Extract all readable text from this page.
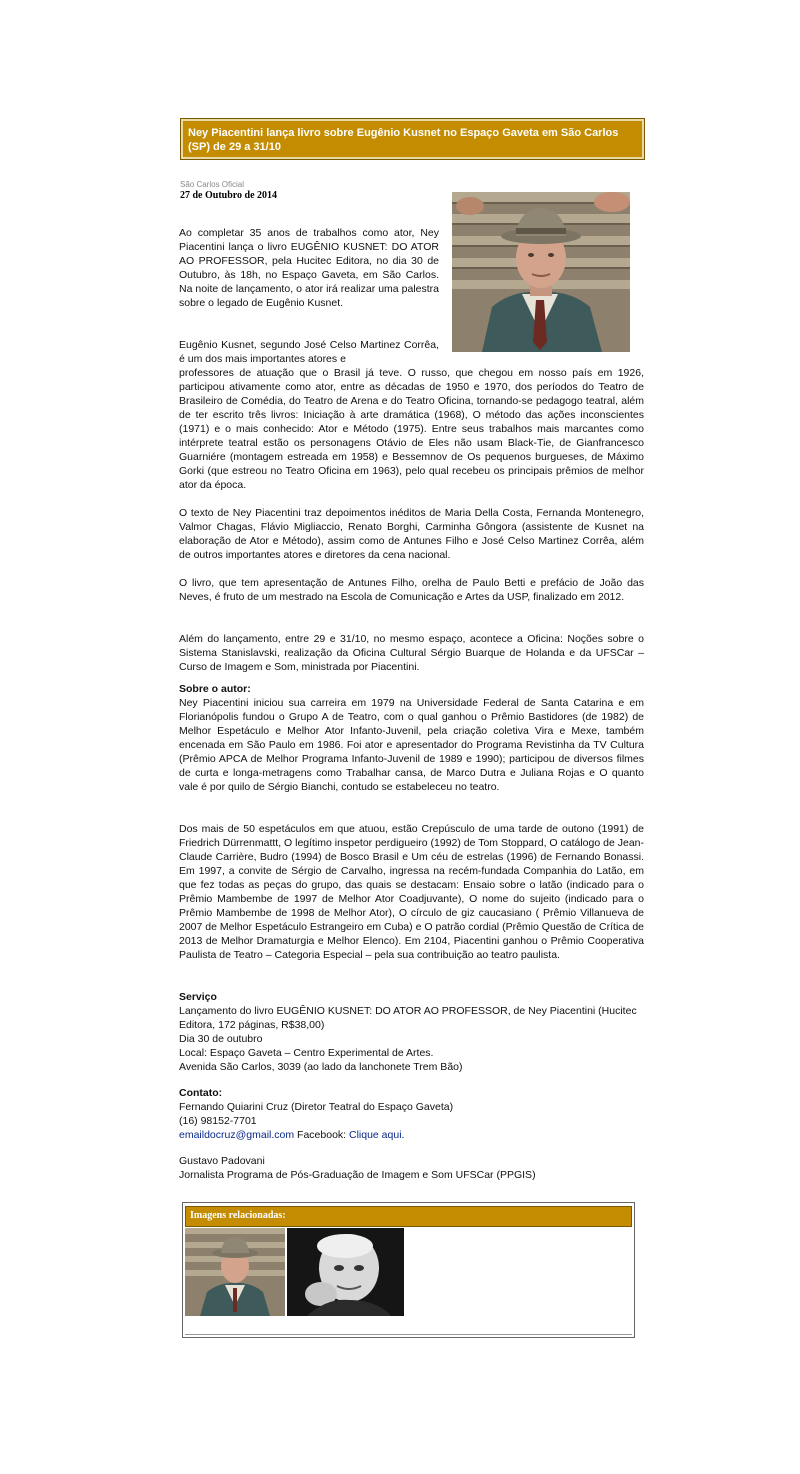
Ney Piacentini lança livro sobre Eugênio Kusnet no Espaço Gaveta em São Carlos (SP) de 29 a 31/10
São Carlos Oficial
27 de Outubro de 2014

Ao completar 35 anos de trabalhos como ator, Ney Piacentini lança o livro EUGÊNIO KUSNET: DO ATOR AO PROFESSOR, pela Hucitec Editora, no dia 30 de Outubro, às 18h, no Espaço Gaveta, em São Carlos. Na noite de lançamento, o ator irá realizar uma palestra sobre o legado de Eugênio Kusnet.

Eugênio Kusnet, segundo José Celso Martinez Corrêa, é um dos mais importantes atores e

professores de atuação que o Brasil já teve. O russo, que chegou em nosso país em 1926, participou ativamente como ator, entre as décadas de 1950 e 1970, dos períodos do Teatro de Brasileiro de Comédia, do Teatro de Arena e do Teatro Oficina, tornando-se pedagogo teatral, além de ter escrito três livros: Iniciação à arte dramática (1968), O método das ações inconscientes (1971) e o mais conhecido: Ator e Método (1975). Entre seus trabalhos mais marcantes como intérprete teatral estão os personagens Otávio de Eles não usam Black-Tie, de Gianfrancesco Guarniére (montagem estreada em 1958) e Bessemnov de Os pequenos burgueses, de Máximo Gorki (que estreou no Teatro Oficina em 1963), pelo qual recebeu os principais prêmios de melhor ator da época.

O texto de Ney Piacentini traz depoimentos inéditos de Maria Della Costa, Fernanda Montenegro, Valmor Chagas, Flávio Migliaccio, Renato Borghi, Carminha Gôngora (assistente de Kusnet na elaboração de Ator e Método), assim como de Antunes Filho e José Celso Martinez Corrêa, além de outros importantes atores e diretores da cena nacional.

O livro, que tem apresentação de Antunes Filho, orelha de Paulo Betti e prefácio de João das Neves, é fruto de um mestrado na Escola de Comunicação e Artes da USP, finalizado em 2012.

Além do lançamento, entre 29 e 31/10, no mesmo espaço, acontece a Oficina: Noções sobre o Sistema Stanislavski, realização da Oficina Cultural Sérgio Buarque de Holanda e da UFSCar – Curso de Imagem e Som, ministrada por Piacentini.

Sobre o autor:
Ney Piacentini iniciou sua carreira em 1979 na Universidade Federal de Santa Catarina e em Florianópolis fundou o Grupo A de Teatro, com o qual ganhou o Prêmio Bastidores (de 1982) de Melhor Espetáculo e Melhor Ator Infanto-Juvenil, pela criação coletiva Vira e Mexe, também encenada em São Paulo em 1986. Foi ator e apresentador do Programa Revistinha da TV Cultura (Prêmio APCA de Melhor Programa Infanto-Juvenil de 1989 e 1990); participou de diversos filmes de curta e longa-metragens como Trabalhar cansa, de Marco Dutra e Juliana Rojas e O quanto vale é por quilo de Sérgio Bianchi, contudo se estabeleceu no teatro.

Dos mais de 50 espetáculos em que atuou, estão Crepúsculo de uma tarde de outono (1991) de Friedrich Dürrenmattt, O legítimo inspetor perdigueiro (1992) de Tom Stoppard, O catálogo de Jean-Claude Carrière, Budro (1994) de Bosco Brasil e Um céu de estrelas (1996) de Fernando Bonassi. Em 1997, a convite de Sérgio de Carvalho, ingressa na recém-fundada Companhia do Latão, em que fez todas as peças do grupo, das quais se destacam: Ensaio sobre o latão (indicado para o Prêmio Mambembe de 1997 de Melhor Ator Coadjuvante), O nome do sujeito (indicado para o Prêmio Mambembe de 1998 de Melhor Ator), O círculo de giz caucasiano ( Prêmio Villanueva de 2007 de Melhor Espetáculo Estrangeiro em Cuba) e O patrão cordial (Prêmio Questão de Crítica de 2013 de Melhor Dramaturgia e Melhor Elenco). Em 2104, Piacentini ganhou o Prêmio Cooperativa Paulista de Teatro – Categoria Especial – pela sua contribuição ao teatro paulista.

Serviço
Lançamento do livro EUGÊNIO KUSNET: DO ATOR AO PROFESSOR, de Ney Piacentini (Hucitec Editora, 172 páginas, R$38,00)
Dia 30 de outubro
Local: Espaço Gaveta – Centro Experimental de Artes.
Avenida São Carlos, 3039 (ao lado da lanchonete Trem Bão)

Contato:
Fernando Quiarini Cruz (Diretor Teatral do Espaço Gaveta)
(16) 98152-7701
emaildocruz@gmail.com Facebook: Clique aqui.

Gustavo Padovani
Jornalista Programa de Pós-Graduação de Imagem e Som UFSCar (PPGIS)

Imagens relacionadas:
